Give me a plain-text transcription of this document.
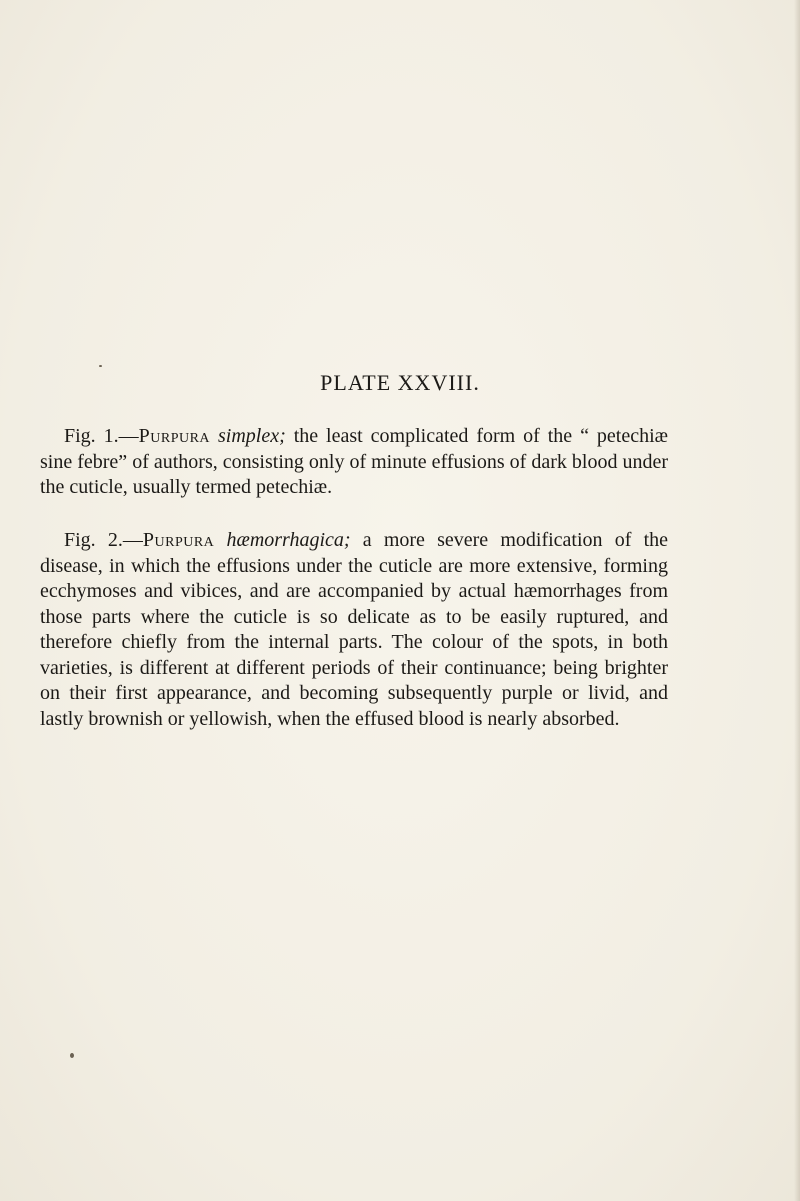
PLATE XXVIII.

Fig. 1.—Purpura simplex; the least complicated form of the “ petechiæ sine febre” of authors, consisting only of minute effusions of dark blood under the cuticle, usually termed petechiæ.

Fig. 2.—Purpura hæmorrhagica; a more severe modification of the disease, in which the effusions under the cuticle are more extensive, forming ecchymoses and vibices, and are accompanied by actual hæmorrhages from those parts where the cuticle is so delicate as to be easily ruptured, and therefore chiefly from the internal parts. The colour of the spots, in both varieties, is different at different periods of their continuance; being brighter on their first appearance, and becoming subsequently purple or livid, and lastly brownish or yellowish, when the effused blood is nearly absorbed.
